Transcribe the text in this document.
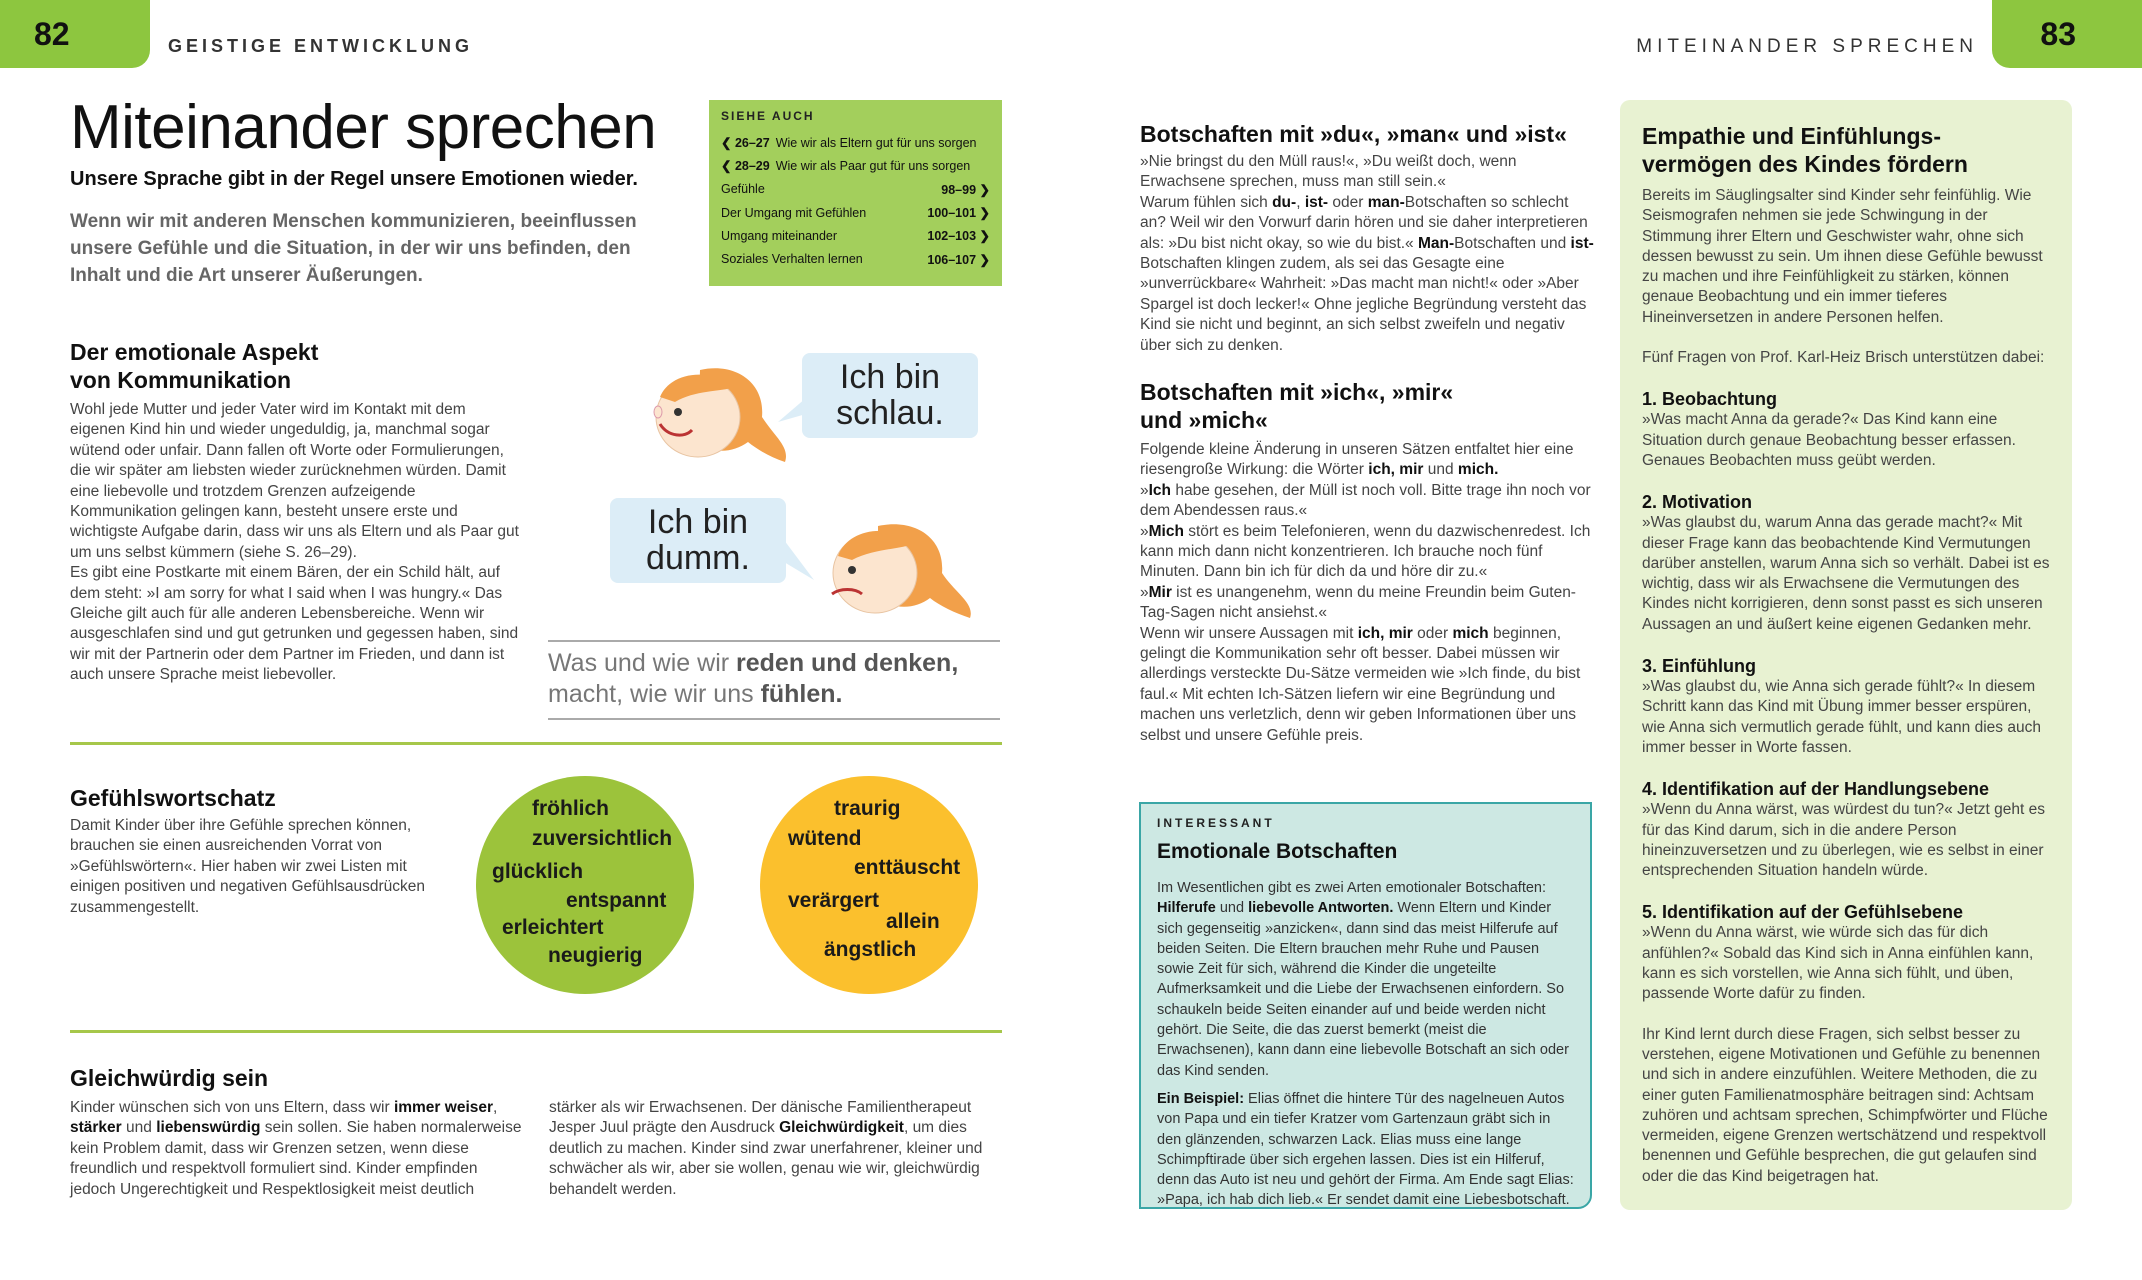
82	GEISTIGE ENTWICKLUNG	MITEINANDER SPRECHEN	83
Miteinander sprechen
Unsere Sprache gibt in der Regel unsere Emotionen wieder.
Wenn wir mit anderen Menschen kommunizieren, beeinflussen unsere Gefühle und die Situation, in der wir uns befinden, den Inhalt und die Art unserer Äußerungen.
SIEHE AUCH
❮ 26–27 Wie wir als Eltern gut für uns sorgen
❮ 28–29 Wie wir als Paar gut für uns sorgen
Gefühle	98–99 ❯
Der Umgang mit Gefühlen	100–101 ❯
Umgang miteinander	102–103 ❯
Soziales Verhalten lernen	106–107 ❯
Der emotionale Aspekt
von Kommunikation
Wohl jede Mutter und jeder Vater wird im Kontakt mit dem eigenen Kind hin und wieder ungeduldig, ja, manchmal sogar wütend oder unfair. Dann fallen oft Worte oder Formulierungen, die wir später am liebsten wieder zurücknehmen würden. Damit eine liebevolle und trotzdem Grenzen aufzeigende Kommunikation gelingen kann, besteht unsere erste und wichtigste Aufgabe darin, dass wir uns als Eltern und als Paar gut um uns selbst kümmern (siehe S. 26–29).
Es gibt eine Postkarte mit einem Bären, der ein Schild hält, auf dem steht: »I am sorry for what I said when I was hungry.« Das Gleiche gilt auch für alle anderen Lebensbereiche. Wenn wir ausgeschlafen sind und gut getrunken und gegessen haben, sind wir mit der Partnerin oder dem Partner im Frieden, und dann ist auch unsere Sprache meist liebevoller.
Ich bin
schlau.
Ich bin
dumm.
Was und wie wir reden und denken,
macht, wie wir uns fühlen.
Gefühlswortschatz
Damit Kinder über ihre Gefühle sprechen können, brauchen sie einen ausreichenden Vorrat von »Gefühlswörtern«. Hier haben wir zwei Listen mit einigen positiven und negativen Gefühlsausdrücken zusammengestellt.
fröhlich
zuversichtlich
glücklich
entspannt
erleichtert
neugierig
traurig
wütend
enttäuscht
verärgert
allein
ängstlich
Gleichwürdig sein
Kinder wünschen sich von uns Eltern, dass wir immer weiser, stärker und liebenswürdig sein sollen. Sie haben normalerweise kein Problem damit, dass wir Grenzen setzen, wenn diese freundlich und respektvoll formuliert sind. Kinder empfinden jedoch Ungerechtigkeit und Respektlosigkeit meist deutlich
stärker als wir Erwachsenen. Der dänische Familientherapeut Jesper Juul prägte den Ausdruck Gleichwürdigkeit, um dies deutlich zu machen. Kinder sind zwar unerfahrener, kleiner und schwächer als wir, aber sie wollen, genau wie wir, gleichwürdig behandelt werden.
Botschaften mit »du«, »man« und »ist«
»Nie bringst du den Müll raus!«, »Du weißt doch, wenn Erwachsene sprechen, muss man still sein.«
Warum fühlen sich du-, ist- oder man-Botschaften so schlecht an? Weil wir den Vorwurf darin hören und sie daher interpretieren als: »Du bist nicht okay, so wie du bist.« Man-Botschaften und ist-Botschaften klingen zudem, als sei das Gesagte eine »unverrückbare« Wahrheit: »Das macht man nicht!« oder »Aber Spargel ist doch lecker!« Ohne jegliche Begründung versteht das Kind sie nicht und beginnt, an sich selbst zweifeln und negativ über sich zu denken.
Botschaften mit »ich«, »mir«
und »mich«
Folgende kleine Änderung in unseren Sätzen entfaltet hier eine riesengroße Wirkung: die Wörter ich, mir und mich.
»Ich habe gesehen, der Müll ist noch voll. Bitte trage ihn noch vor dem Abendessen raus.«
»Mich stört es beim Telefonieren, wenn du dazwischenredest. Ich kann mich dann nicht konzentrieren. Ich brauche noch fünf Minuten. Dann bin ich für dich da und höre dir zu.«
»Mir ist es unangenehm, wenn du meine Freundin beim Guten-Tag-Sagen nicht ansiehst.«
Wenn wir unsere Aussagen mit ich, mir oder mich beginnen, gelingt die Kommunikation sehr oft besser. Dabei müssen wir allerdings versteckte Du-Sätze vermeiden wie »Ich finde, du bist faul.« Mit echten Ich-Sätzen liefern wir eine Begründung und machen uns verletzlich, denn wir geben Informationen über uns selbst und unsere Gefühle preis.
INTERESSANT
Emotionale Botschaften
Im Wesentlichen gibt es zwei Arten emotionaler Botschaften: Hilferufe und liebevolle Antworten. Wenn Eltern und Kinder sich gegenseitig »anzicken«, dann sind das meist Hilferufe auf beiden Seiten. Die Eltern brauchen mehr Ruhe und Pausen sowie Zeit für sich, während die Kinder die ungeteilte Aufmerksamkeit und die Liebe der Erwachsenen einfordern. So schaukeln beide Seiten einander auf und beide werden nicht gehört. Die Seite, die das zuerst bemerkt (meist die Erwachsenen), kann dann eine liebevolle Botschaft an sich oder das Kind senden.
Ein Beispiel: Elias öffnet die hintere Tür des nagelneuen Autos von Papa und ein tiefer Kratzer vom Gartenzaun gräbt sich in den glänzenden, schwarzen Lack. Elias muss eine lange Schimpftirade über sich ergehen lassen. Dies ist ein Hilferuf, denn das Auto ist neu und gehört der Firma. Am Ende sagt Elias: »Papa, ich hab dich lieb.« Er sendet damit eine Liebesbotschaft.
Empathie und Einfühlungs-
vermögen des Kindes fördern
Bereits im Säuglingsalter sind Kinder sehr feinfühlig. Wie Seismografen nehmen sie jede Schwingung in der Stimmung ihrer Eltern und Geschwister wahr, ohne sich dessen bewusst zu sein. Um ihnen diese Gefühle bewusst zu machen und ihre Feinfühligkeit zu stärken, können genaue Beobachtung und ein immer tieferes Hineinversetzen in andere Personen helfen.
Fünf Fragen von Prof. Karl-Heiz Brisch unterstützen dabei:
1. Beobachtung
»Was macht Anna da gerade?« Das Kind kann eine Situation durch genaue Beobachtung besser erfassen. Genaues Beobachten muss geübt werden.
2. Motivation
»Was glaubst du, warum Anna das gerade macht?« Mit dieser Frage kann das beobachtende Kind Vermutungen darüber anstellen, warum Anna sich so verhält. Dabei ist es wichtig, dass wir als Erwachsene die Vermutungen des Kindes nicht korrigieren, denn sonst passt es sich unseren Aussagen an und äußert keine eigenen Gedanken mehr.
3. Einfühlung
»Was glaubst du, wie Anna sich gerade fühlt?« In diesem Schritt kann das Kind mit Übung immer besser erspüren, wie Anna sich vermutlich gerade fühlt, und kann dies auch immer besser in Worte fassen.
4. Identifikation auf der Handlungsebene
»Wenn du Anna wärst, was würdest du tun?« Jetzt geht es für das Kind darum, sich in die andere Person hineinzuversetzen und zu überlegen, wie es selbst in einer entsprechenden Situation handeln würde.
5. Identifikation auf der Gefühlsebene
»Wenn du Anna wärst, wie würde sich das für dich anfühlen?« Sobald das Kind sich in Anna einfühlen kann, kann es sich vorstellen, wie Anna sich fühlt, und üben, passende Worte dafür zu finden.
Ihr Kind lernt durch diese Fragen, sich selbst besser zu verstehen, eigene Motivationen und Gefühle zu benennen und sich in andere einzufühlen. Weitere Methoden, die zu einer guten Familienatmosphäre beitragen sind: Achtsam zuhören und achtsam sprechen, Schimpfwörter und Flüche vermeiden, eigene Grenzen wertschätzend und respektvoll benennen und Gefühle besprechen, die gut gelaufen sind oder die das Kind beigetragen hat.
